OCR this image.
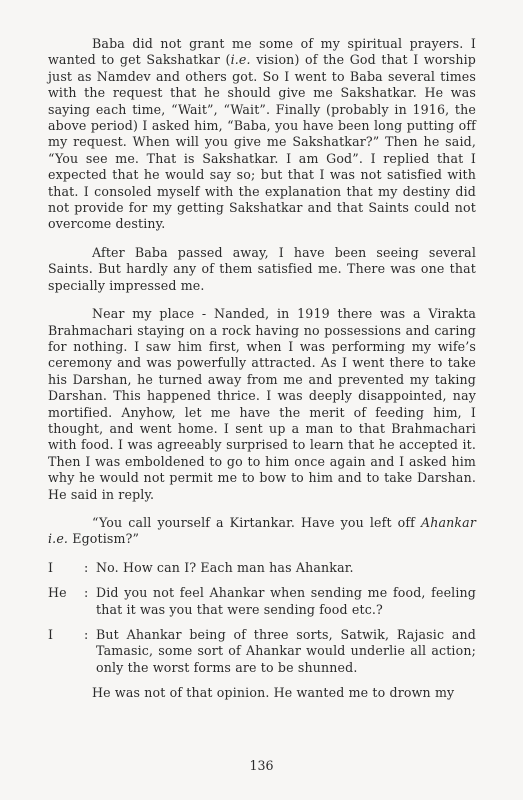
Baba did not grant me some of my spiritual prayers. I wanted to get Sakshatkar (i.e. vision) of the God that I worship just as Namdev and others got. So I went to Baba several times with the request that he should give me Sakshatkar. He was saying each time, “Wait”, “Wait”. Finally (probably in 1916, the above period) I asked him, “Baba, you have been long putting off my request. When will you give me Sakshatkar?” Then he said, “You see me. That is Sakshatkar. I am God”. I replied that I expected that he would say so; but that I was not satisfied with that. I consoled myself with the explanation that my destiny did not provide for my getting Sakshatkar and that Saints could not overcome destiny.

After Baba passed away, I have been seeing several Saints. But hardly any of them satisfied me. There was one that specially impressed me.

Near my place - Nanded, in 1919 there was a Virakta Brahmachari staying on a rock having no possessions and caring for nothing. I saw him first, when I was performing my wife’s ceremony and was powerfully attracted. As I went there to take his Darshan, he turned away from me and prevented my taking Darshan. This happened thrice. I was deeply disappointed, nay mortified. Anyhow, let me have the merit of feeding him, I thought, and went home. I sent up a man to that Brahmachari with food. I was agreeably surprised to learn that he accepted it. Then I was emboldened to go to him once again and I asked him why he would not permit me to bow to him and to take Darshan. He said in reply.

“You call yourself a Kirtankar. Have you left off Ahankar i.e. Egotism?”

I	: No. How can I? Each man has Ahankar.
He	: Did you not feel Ahankar when sending me food, feeling that it was you that were sending food etc.?
I	: But Ahankar being of three sorts, Satwik, Rajasic and Tamasic, some sort of Ahankar would underlie all action; only the worst forms are to be shunned.

He was not of that opinion. He wanted me to drown my

136
